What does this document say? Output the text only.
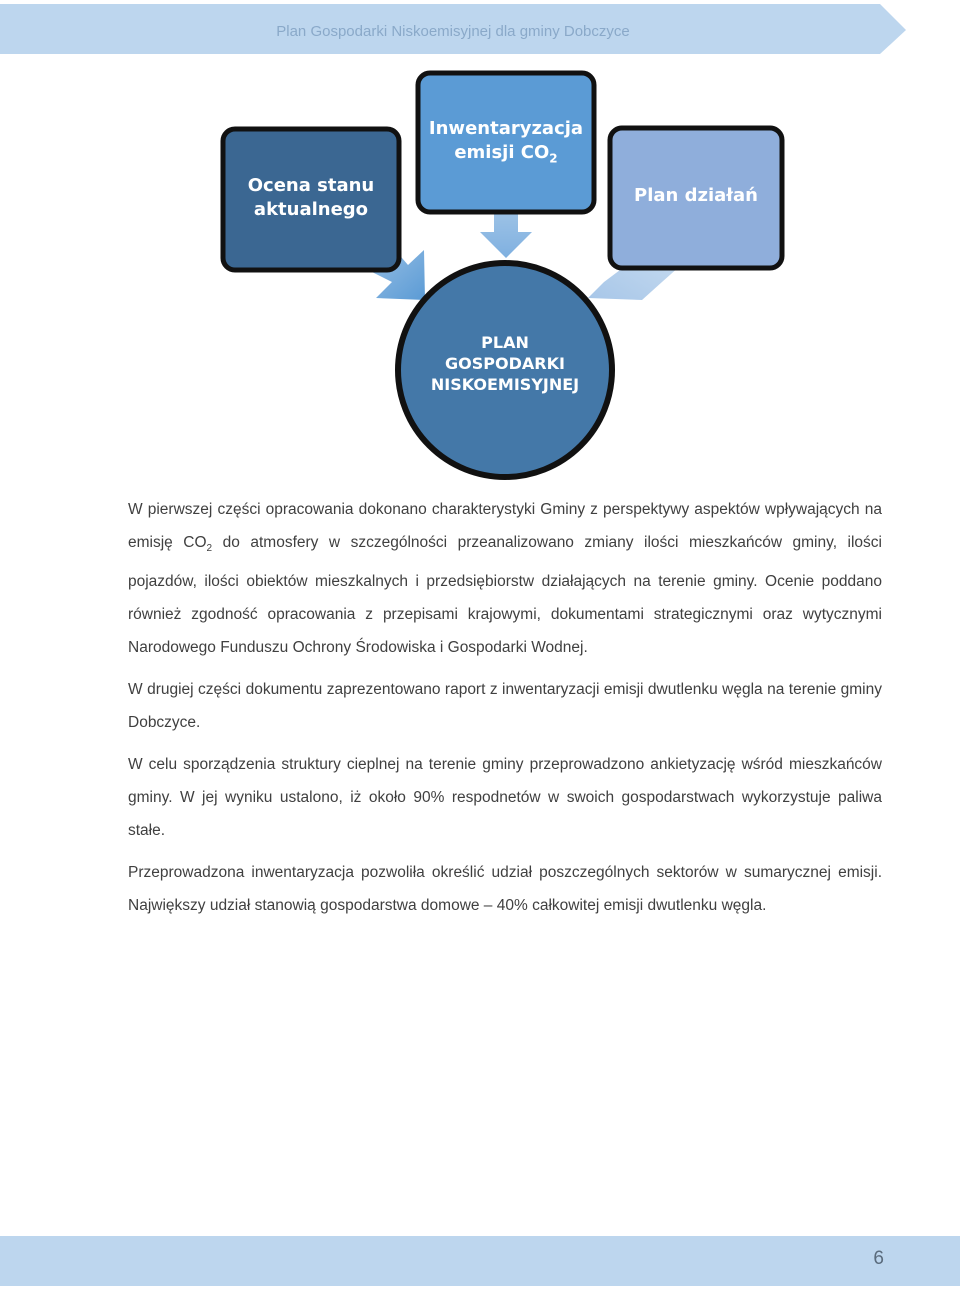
Plan Gospodarki Niskoemisyjnej dla gminy Dobczyce
Ocena stanu
aktualnego
Inwentaryzacja
emisji $CO_2$
Plan działań
PLAN
GOSPODARKI
NISKOEMISYJNEJ

W pierwszej części opracowania dokonano charakterystyki Gminy z perspektywy aspektów wpływających na emisję $CO_2$ do atmosfery w szczególności przeanalizowano zmiany ilości mieszkańców gminy, ilości pojazdów, ilości obiektów mieszkalnych i przedsiębiorstw działających na terenie gminy. Ocenie poddano również zgodność opracowania z przepisami krajowymi, dokumentami strategicznymi oraz wytycznymi Narodowego Funduszu Ochrony Środowiska i Gospodarki Wodnej.

W drugiej części dokumentu zaprezentowano raport z inwentaryzacji emisji dwutlenku węgla na terenie gminy Dobczyce.

W celu sporządzenia struktury cieplnej na terenie gminy przeprowadzono ankietyzację wśród mieszkańców gminy. W jej wyniku ustalono, iż około 90% respodnetów w swoich gospodarstwach wykorzystuje paliwa stałe.

Przeprowadzona inwentaryzacja pozwoliła określić udział poszczególnych sektorów w sumarycznej emisji. Największy udział stanowią gospodarstwa domowe – 40% całkowitej emisji dwutlenku węgla.

6
